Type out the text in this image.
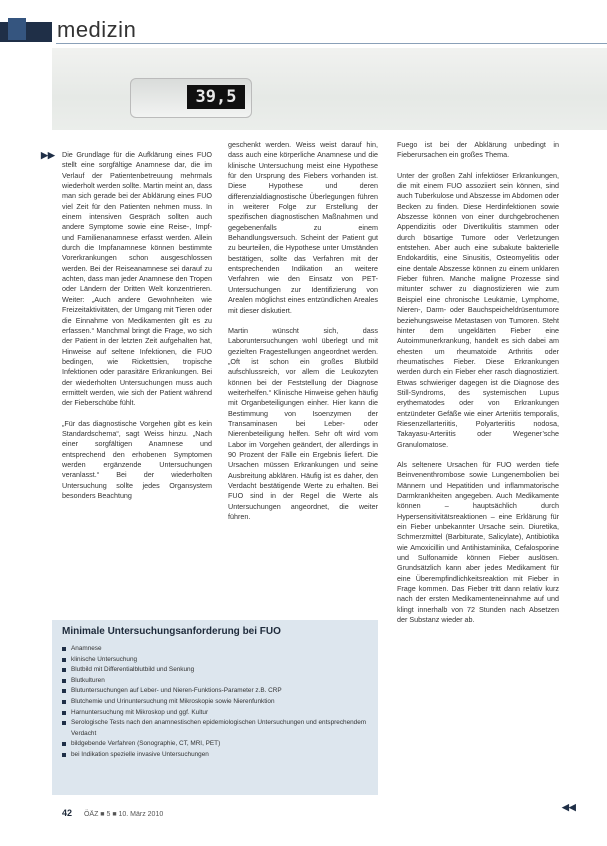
medizin
39,5
▶▶ Die Grundlage für die Aufklärung eines FUO stellt eine sorgfältige Anamnese dar, die im Verlauf der Patientenbetreuung mehrmals wiederholt werden sollte. Martin meint an, dass man sich gerade bei der Abklärung eines FUO viel Zeit für den Patienten nehmen muss. In einem intensiven Gespräch sollten auch andere Symptome sowie eine Reise-, Impf- und Familienanamnese erfasst werden. Allein durch die Impfanamnese können bestimmte Vorerkrankungen schon ausgeschlossen werden. Bei der Reiseanamnese sei darauf zu achten, dass man jeder Anamnese den Tropen oder Ländern der Dritten Welt konzentrieren. Weiter: „Auch andere Gewohnheiten wie Freizeitaktivitäten, der Umgang mit Tieren oder die Einnahme von Medikamenten gilt es zu erfassen.“ Manchmal bringt die Frage, wo sich der Patient in der letzten Zeit aufgehalten hat, Hinweise auf seltene Infektionen, die FUO bedingen, wie Rickettsien, tropische Infektionen oder parasitäre Erkrankungen. Bei der wiederholten Untersuchungen muss auch ermittelt werden, wie sich der Patient während der Fieberschübe fühlt.

„Für das diagnostische Vorgehen gibt es kein Standardschema“, sagt Weiss hinzu. „Nach einer sorgfältigen Anamnese und entsprechend den erhobenen Symptomen werden ergänzende Untersuchungen veranlasst.“ Bei der wiederholten Untersuchung sollte jedes Organsystem besonders Beachtung

geschenkt werden. Weiss weist darauf hin, dass auch eine körperliche Anamnese und die klinische Untersuchung meist eine Hypothese für den Ursprung des Fiebers vorhanden ist. Diese Hypothese und deren differenzialdiagnostische Überlegungen führen in weiterer Folge zur Erstellung der spezifischen diagnostischen Maßnahmen und gegebenenfalls zu einem Behandlungsversuch. Scheint der Patient gut zu beurteilen, die Hypothese unter Umständen bestätigen, sollte das Verfahren mit der entsprechenden Indikation an weitere Verfahren wie den Einsatz von PET-Untersuchungen zur Identifizierung von Arealen möglichst eines entzündlichen Areales mit dieser diskutiert.

Martin wünscht sich, dass Laboruntersuchungen wohl überlegt und mit gezielten Fragestellungen angeordnet werden. „Oft ist schon ein großes Blutbild aufschlussreich, vor allem die Leukozyten können bei der Feststellung der Diagnose weiterhelfen.“ Klinische Hinweise gehen häufig mit Organbeteiligungen einher. Hier kann die Bestimmung von Isoenzymen der Transaminasen bei Leber- oder Nierenbeteiligung helfen. Sehr oft wird vom Labor im Vorgehen geändert, der allerdings in 90 Prozent der Fälle ein Ergebnis liefert. Die Ursachen müssen Erkrankungen und seine Ausbreitung abklären. Häufig ist es daher, den Verdacht bestätigende Werte zu erhalten. Bei FUO sind in der Regel die Werte als Untersuchungen angeordnet, die weiter führen.

Fuego ist bei der Abklärung unbedingt in Fieberursachen ein großes Thema.

Unter der großen Zahl infektiöser Erkrankungen, die mit einem FUO assoziiert sein können, sind auch Tuberkulose und Abszesse im Abdomen oder Becken zu finden. Diese Herdinfektionen sowie Abszesse können von einer durchgebrochenen Appendizitis oder Divertikulitis stammen oder durch bösartige Tumore oder Verletzungen entstehen. Aber auch eine subakute bakterielle Endokarditis, eine Sinusitis, Osteomyelitis oder eine dentale Abszesse können zu einem unklaren Fieber führen. Manche maligne Prozesse sind mitunter schwer zu diagnostizieren wie zum Beispiel eine chronische Leukämie, Lymphome, Nieren-, Darm- oder Bauchspeicheldrüsentumore beziehungsweise Metastasen von Tumoren. Steht hinter dem ungeklärten Fieber eine Autoimmunerkrankung, handelt es sich dabei am ehesten um rheumatoide Arthritis oder rheumatisches Fieber. Diese Erkrankungen werden durch ein Fieber eher rasch diagnostiziert. Etwas schwieriger dagegen ist die Diagnose des Still-Syndroms, des systemischen Lupus erythematodes oder von Erkrankungen entzündeter Gefäße wie einer Arteriitis temporalis, Riesenzellarteriitis, Polyarteriitis nodosa, Takayasu-Arteriitis oder Wegener’sche Granulomatose.

Als seltenere Ursachen für FUO werden tiefe Beinvenenthrombose sowie Lungenembolien bei Männern und Hepatitiden und inflammatorische Darmkrankheiten angegeben. Auch Medikamente können – hauptsächlich durch Hypersensitivitätsreaktionen – eine Erklärung für ein Fieber unbekannter Ursache sein. Diuretika, Schmerzmittel (Barbiturate, Salicylate), Antibiotika wie Amoxicillin und Antihistaminika, Cefalosporine und Sulfonamide können Fieber auslösen. Grundsätzlich kann aber jedes Medikament für eine Überempfindlichkeitsreaktion mit Fieber in Frage kommen. Das Fieber tritt dann relativ kurz nach der ersten Medikamenteneinnahme auf und klingt innerhalb von 72 Stunden nach Absetzen der Substanz wieder ab.

Minimale Untersuchungsanforderung bei FUO
Anamnese
klinische Untersuchung
Blutbild mit Differentialblutbild und Senkung
Blutkulturen
Blutuntersuchungen auf Leber- und Nieren-Funktions-Parameter z.B. CRP
Blutchemie und Urinuntersuchung mit Mikroskopie sowie Nierenfunktion
Harnuntersuchung mit Mikroskop und ggf. Kultur
Serologische Tests nach den anamnestischen epidemiologischen Untersuchungen und entsprechendem Verdacht
bildgebende Verfahren (Sonographie, CT, MRI, PET)
bei Indikation spezielle invasive Untersuchungen
◀◀
42 ÖÄZ ■ 5 ■ 10. März 2010
